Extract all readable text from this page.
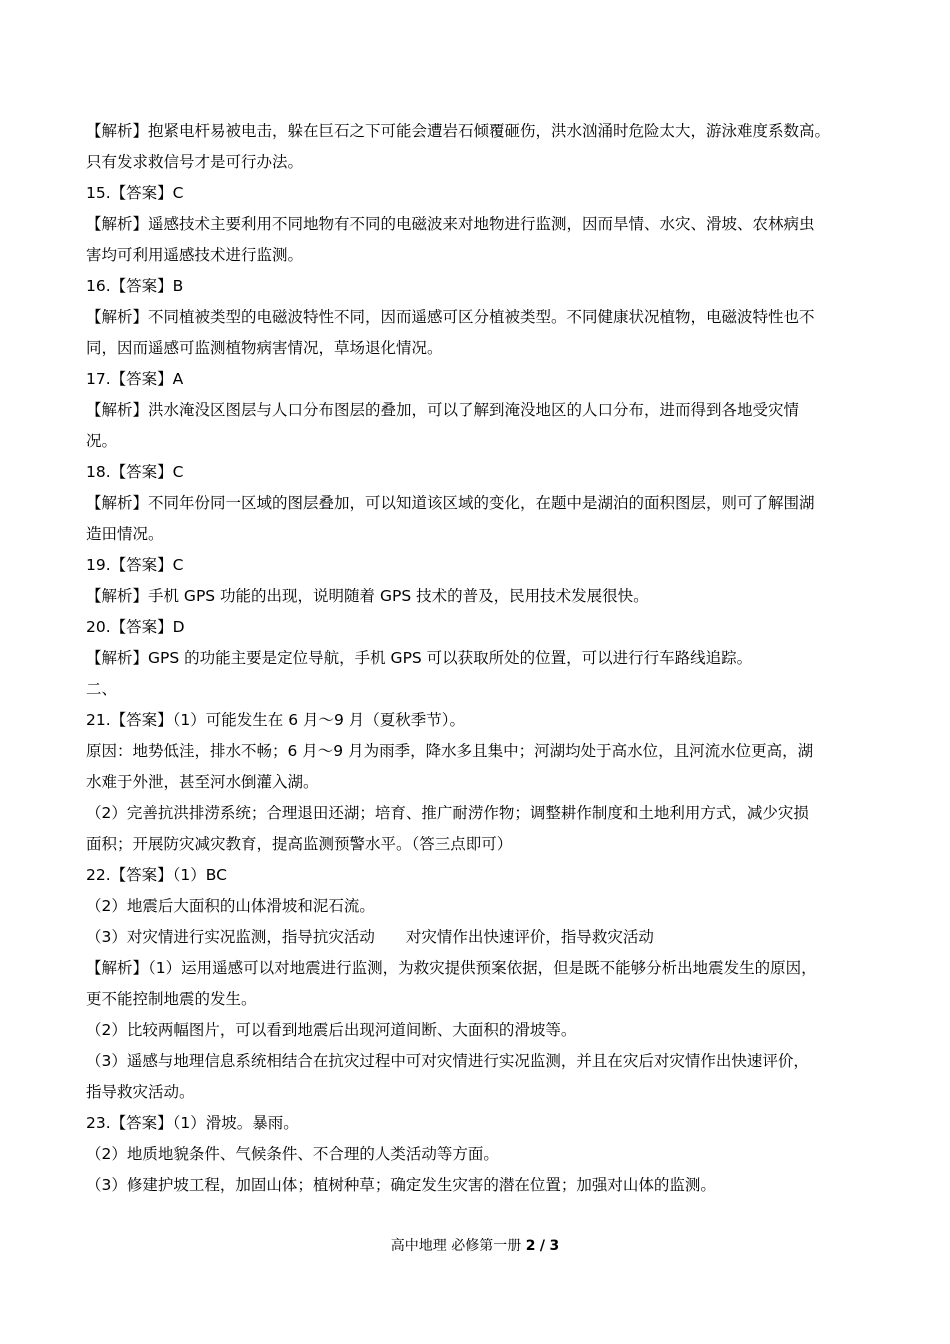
【解析】抱紧电杆易被电击，躲在巨石之下可能会遭岩石倾覆砸伤，洪水汹涌时危险太大，游泳难度系数高。
只有发求救信号才是可行办法。
15.【答案】C
【解析】遥感技术主要利用不同地物有不同的电磁波来对地物进行监测，因而旱情、水灾、滑坡、农林病虫
害均可利用遥感技术进行监测。
16.【答案】B
【解析】不同植被类型的电磁波特性不同，因而遥感可区分植被类型。不同健康状况植物，电磁波特性也不
同，因而遥感可监测植物病害情况，草场退化情况。
17.【答案】A
【解析】洪水淹没区图层与人口分布图层的叠加，可以了解到淹没地区的人口分布，进而得到各地受灾情
况。
18.【答案】C
【解析】不同年份同一区域的图层叠加，可以知道该区域的变化，在题中是湖泊的面积图层，则可了解围湖
造田情况。
19.【答案】C
【解析】手机 GPS 功能的出现，说明随着 GPS 技术的普及，民用技术发展很快。
20.【答案】D
【解析】GPS 的功能主要是定位导航，手机 GPS 可以获取所处的位置，可以进行行车路线追踪。
二、
21.【答案】（1）可能发生在 6 月～9 月（夏秋季节）。
原因：地势低洼，排水不畅；6 月～9 月为雨季，降水多且集中；河湖均处于高水位，且河流水位更高，湖
水难于外泄，甚至河水倒灌入湖。
（2）完善抗洪排涝系统；合理退田还湖；培育、推广耐涝作物；调整耕作制度和土地利用方式，减少灾损
面积；开展防灾减灾教育，提高监测预警水平。（答三点即可）
22.【答案】（1）BC
（2）地震后大面积的山体滑坡和泥石流。
（3）对灾情进行实况监测，指导抗灾活动　　对灾情作出快速评价，指导救灾活动
【解析】（1）运用遥感可以对地震进行监测，为救灾提供预案依据，但是既不能够分析出地震发生的原因，
更不能控制地震的发生。
（2）比较两幅图片，可以看到地震后出现河道间断、大面积的滑坡等。
（3）遥感与地理信息系统相结合在抗灾过程中可对灾情进行实况监测，并且在灾后对灾情作出快速评价，
指导救灾活动。
23.【答案】（1）滑坡。暴雨。
（2）地质地貌条件、气候条件、不合理的人类活动等方面。
（3）修建护坡工程，加固山体；植树种草；确定发生灾害的潜在位置；加强对山体的监测。
高中地理 必修第一册 2 / 3
